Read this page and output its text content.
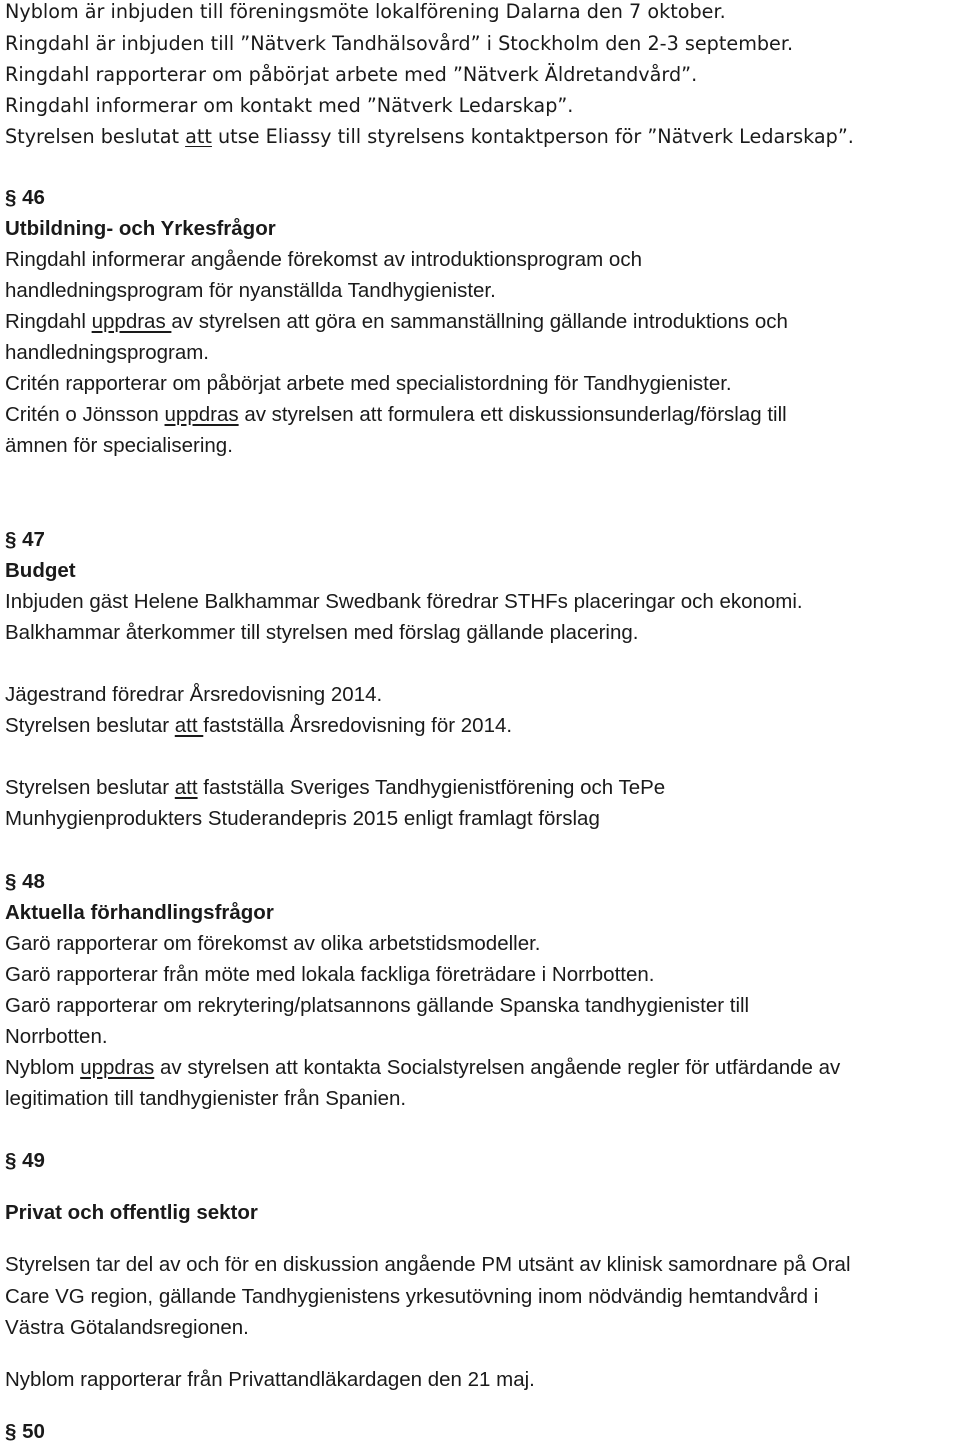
Nyblom är inbjuden till föreningsmöte lokalförening Dalarna den 7 oktober.
Ringdahl är inbjuden till ”Nätverk Tandhälsovård” i Stockholm den 2-3 september.
Ringdahl rapporterar om påbörjat arbete med ”Nätverk Äldretandvård”.
Ringdahl informerar om kontakt med ”Nätverk Ledarskap”.
Styrelsen beslutat att utse Eliassy till styrelsens kontaktperson för ”Nätverk Ledarskap”.
§ 46
Utbildning- och Yrkesfrågor
Ringdahl informerar angående förekomst av introduktionsprogram och
handledningsprogram för nyanställda Tandhygienister.
Ringdahl uppdras av styrelsen att göra en sammanställning gällande introduktions och
handledningsprogram.
Critén rapporterar om påbörjat arbete med specialistordning för Tandhygienister.
Critén o Jönsson uppdras av styrelsen att formulera ett diskussionsunderlag/förslag till
ämnen för specialisering.
§ 47
Budget
Inbjuden gäst Helene Balkhammar Swedbank föredrar STHFs placeringar och ekonomi.
Balkhammar återkommer till styrelsen med förslag gällande placering.
Jägestrand föredrar Årsredovisning 2014.
Styrelsen beslutar att fastställa Årsredovisning för 2014.
Styrelsen beslutar att fastställa Sveriges Tandhygienistförening och TePe
Munhygienprodukters Studerandepris 2015 enligt framlagt förslag
§ 48
Aktuella förhandlingsfrågor
Garö rapporterar om förekomst av olika arbetstidsmodeller.
Garö rapporterar från möte med lokala fackliga företrädare i Norrbotten.
Garö rapporterar om rekrytering/platsannons gällande Spanska tandhygienister till
Norrbotten.
Nyblom uppdras av styrelsen att kontakta Socialstyrelsen angående regler för utfärdande av
legitimation till tandhygienister från Spanien.
§ 49
Privat och offentlig sektor
Styrelsen tar del av och för en diskussion angående PM utsänt av klinisk samordnare på Oral
Care VG region, gällande Tandhygienistens yrkesutövning inom nödvändig hemtandvård i
Västra Götalandsregionen.
Nyblom rapporterar från Privattandläkardagen den 21 maj.
§ 50
